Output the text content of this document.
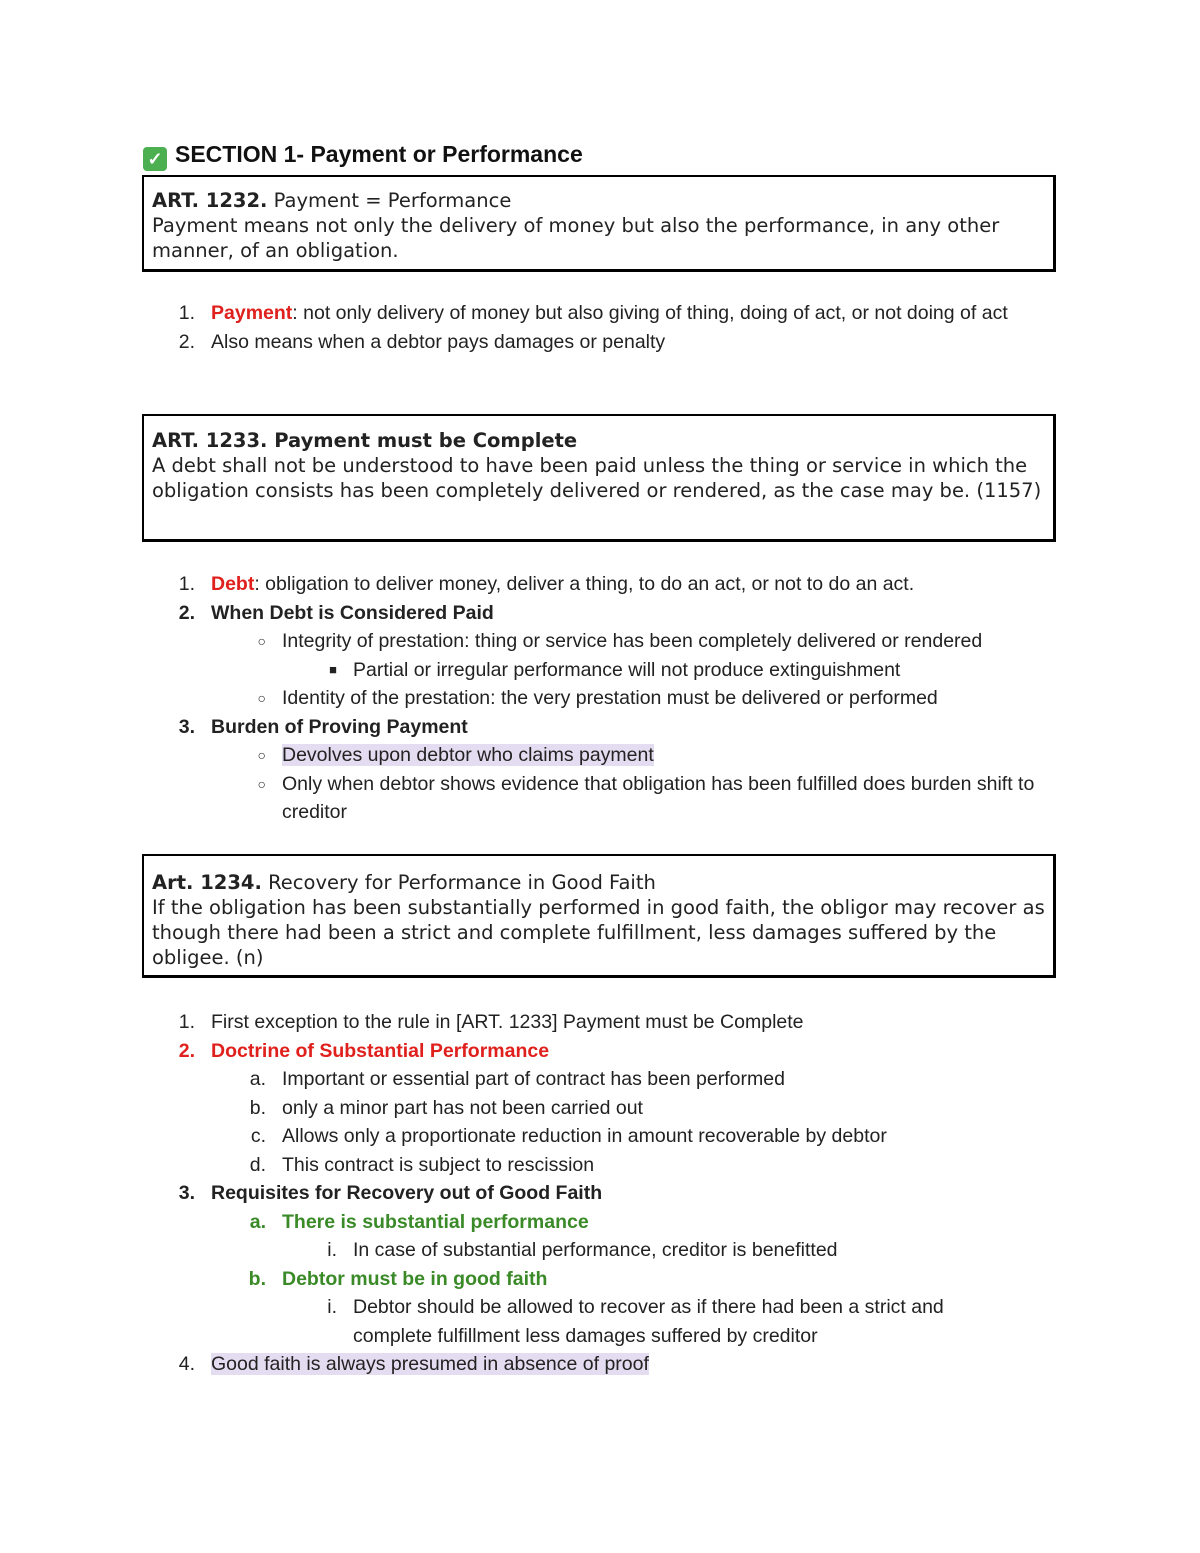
✓ SECTION 1- Payment or Performance
ART. 1232. Payment = Performance
Payment means not only the delivery of money but also the performance, in any other manner, of an obligation.
1. Payment: not only delivery of money but also giving of thing, doing of act, or not doing of act
2. Also means when a debtor pays damages or penalty
ART. 1233. Payment must be Complete
A debt shall not be understood to have been paid unless the thing or service in which the obligation consists has been completely delivered or rendered, as the case may be. (1157)
1. Debt: obligation to deliver money, deliver a thing, to do an act, or not to do an act.
2. When Debt is Considered Paid
○ Integrity of prestation: thing or service has been completely delivered or rendered
■ Partial or irregular performance will not produce extinguishment
○ Identity of the prestation: the very prestation must be delivered or performed
3. Burden of Proving Payment
○ Devolves upon debtor who claims payment
○ Only when debtor shows evidence that obligation has been fulfilled does burden shift to creditor
Art. 1234. Recovery for Performance in Good Faith
If the obligation has been substantially performed in good faith, the obligor may recover as though there had been a strict and complete fulfillment, less damages suffered by the obligee. (n)
1. First exception to the rule in [ART. 1233] Payment must be Complete
2. Doctrine of Substantial Performance
a. Important or essential part of contract has been performed
b. only a minor part has not been carried out
c. Allows only a proportionate reduction in amount recoverable by debtor
d. This contract is subject to rescission
3. Requisites for Recovery out of Good Faith
a. There is substantial performance
i. In case of substantial performance, creditor is benefitted
b. Debtor must be in good faith
i. Debtor should be allowed to recover as if there had been a strict and complete fulfillment less damages suffered by creditor
4. Good faith is always presumed in absence of proof
